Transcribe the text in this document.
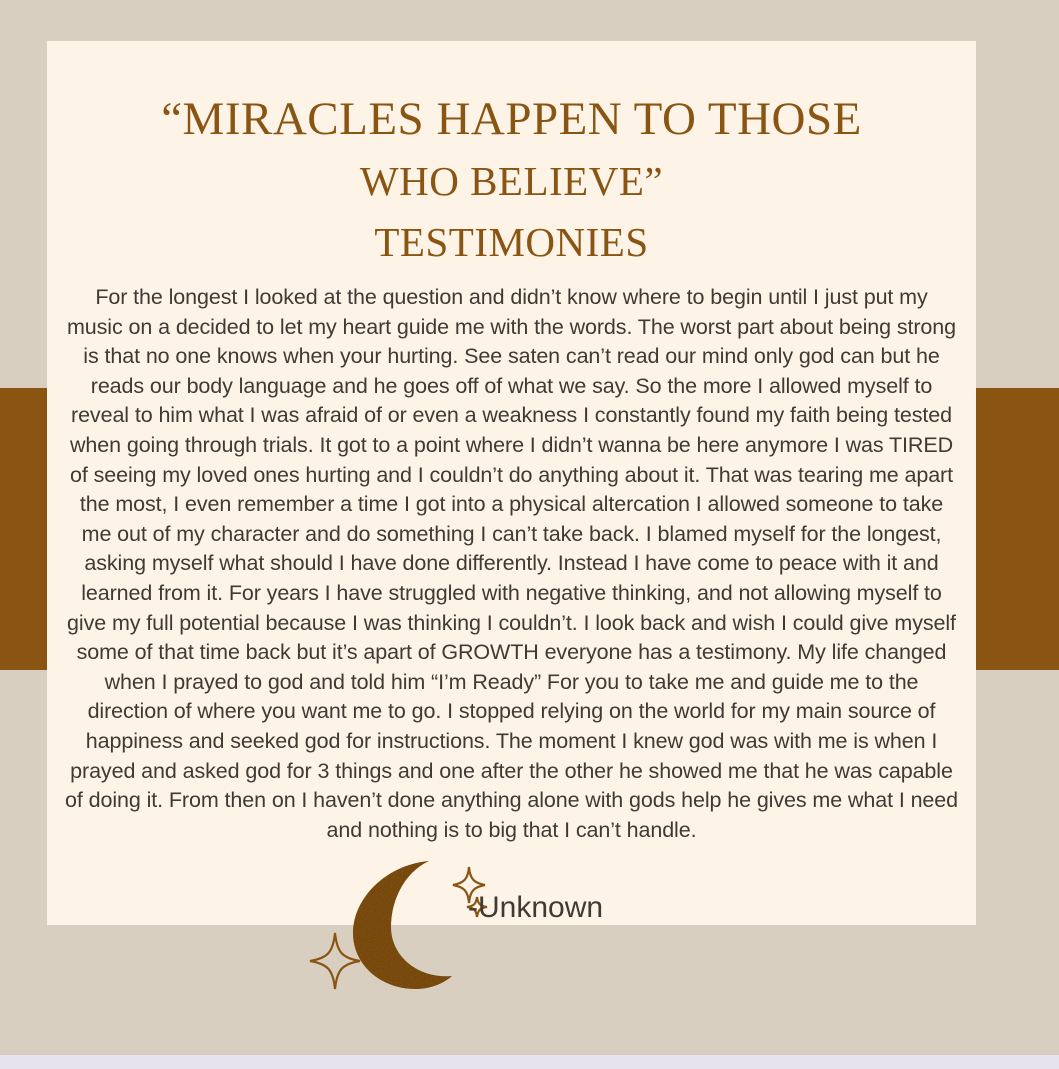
“MIRACLES HAPPEN TO THOSE
WHO BELIEVE”
TESTIMONIES

For the longest I looked at the question and didn’t know where to begin until I just put my music on a decided to let my heart guide me with the words. The worst part about being strong is that no one knows when your hurting. See saten can’t read our mind only god can but he reads our body language and he goes off of what we say. So the more I allowed myself to reveal to him what I was afraid of or even a weakness I constantly found my faith being tested when going through trials. It got to a point where I didn’t wanna be here anymore I was TIRED of seeing my loved ones hurting and I couldn’t do anything about it. That was tearing me apart the most, I even remember a time I got into a physical altercation I allowed someone to take me out of my character and do something I can’t take back. I blamed myself for the longest, asking myself what should I have done differently. Instead I have come to peace with it and learned from it. For years I have struggled with negative thinking, and not allowing myself to give my full potential because I was thinking I couldn’t. I look back and wish I could give myself some of that time back but it’s apart of GROWTH everyone has a testimony. My life changed when I prayed to god and told him “I’m Ready” For you to take me and guide me to the direction of where you want me to go. I stopped relying on the world for my main source of happiness and seeked god for instructions. The moment I knew god was with me is when I prayed and asked god for 3 things and one after the other he showed me that he was capable of doing it. From then on I haven’t done anything alone with gods help he gives me what I need and nothing is to big that I can’t handle.

-Unknown
